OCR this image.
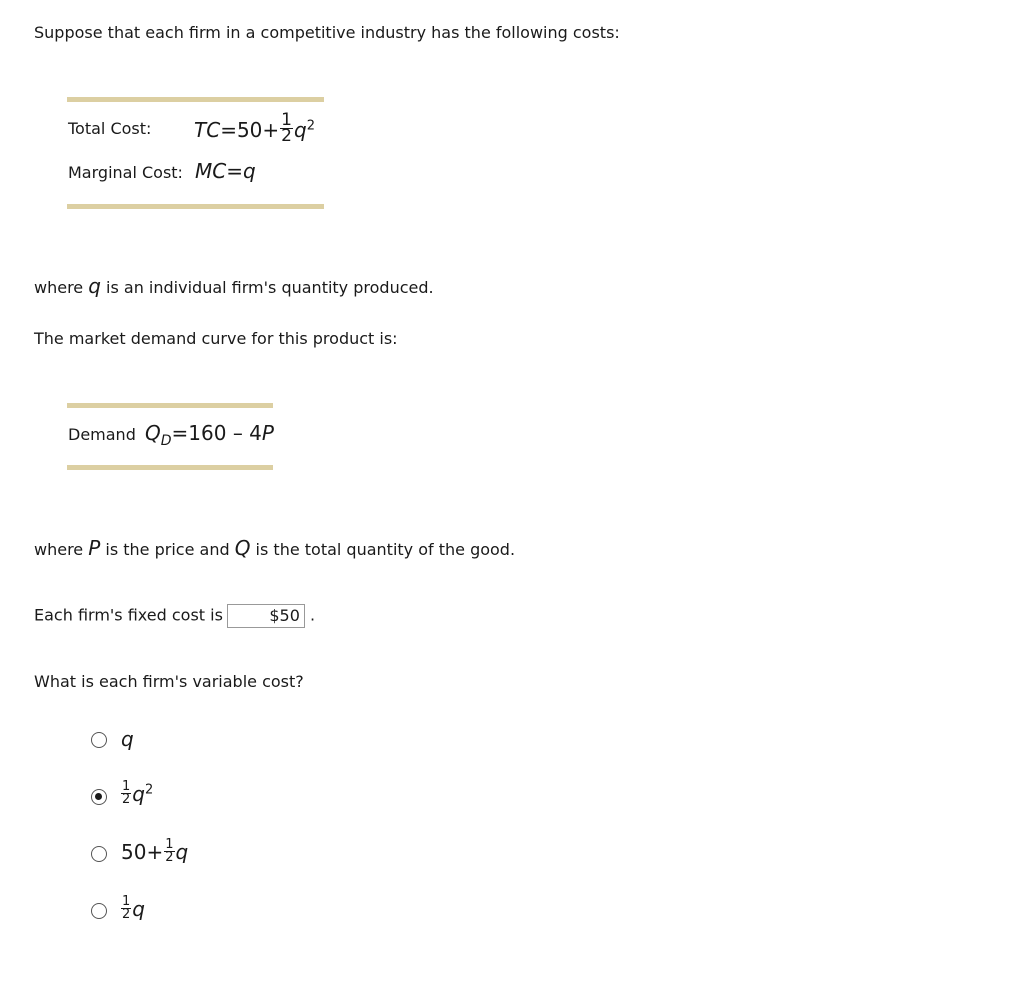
Suppose that each firm in a competitive industry has the following costs:
Total Cost: $TC=50+ \frac{1}{2} q^2$
Marginal Cost: MC=q
where q is an individual firm's quantity produced.
The market demand curve for this product is:
Demand $Q_D=160 - 4P$
where P is the price and Q is the total quantity of the good.
Each firm's fixed cost is	$50 .
What is each firm's variable cost?
q
$\frac{1}{2} q^2$
$50+ \frac{1}{2}$ q
$\frac{1}{2}$ q
